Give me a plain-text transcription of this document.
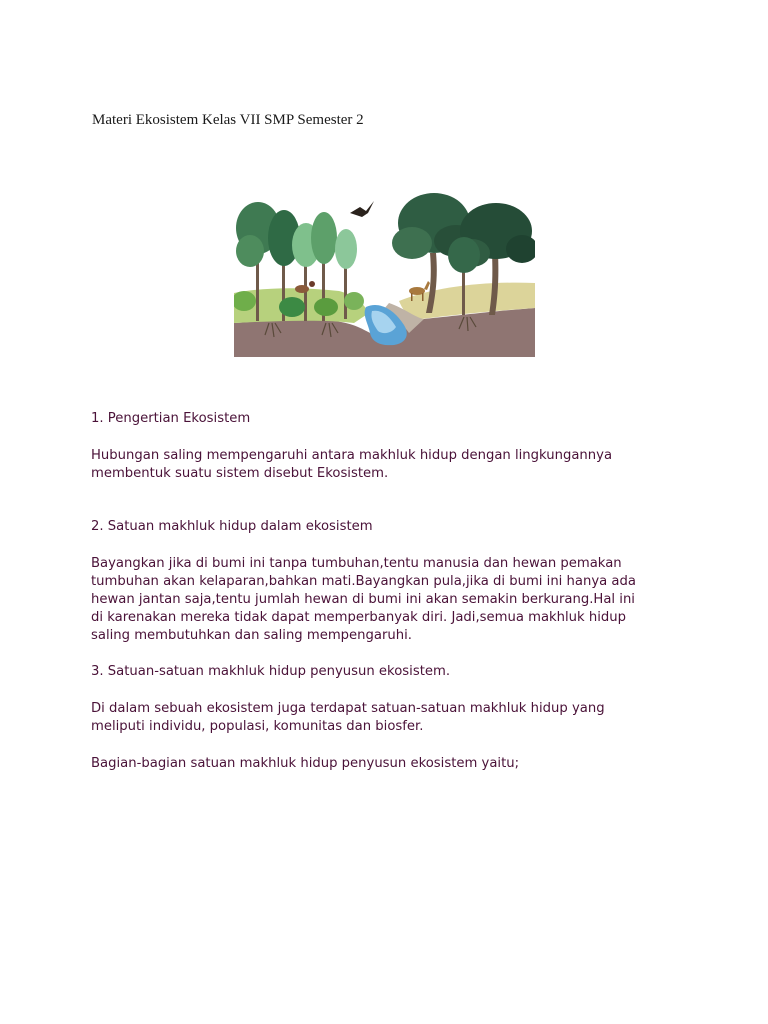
Materi Ekosistem Kelas VII SMP Semester 2
1. Pengertian Ekosistem
Hubungan saling mempengaruhi antara makhluk hidup dengan lingkungannya
membentuk suatu sistem disebut Ekosistem.
2. Satuan makhluk hidup dalam ekosistem
Bayangkan jika di bumi ini tanpa tumbuhan,tentu manusia dan hewan pemakan
tumbuhan akan kelaparan,bahkan mati.Bayangkan pula,jika di bumi ini hanya ada
hewan jantan saja,tentu jumlah hewan di bumi ini akan semakin berkurang.Hal ini
di karenakan mereka tidak dapat memperbanyak diri. Jadi,semua makhluk hidup
saling membutuhkan dan saling mempengaruhi.
3. Satuan-satuan makhluk hidup penyusun ekosistem.
Di dalam sebuah ekosistem juga terdapat satuan-satuan makhluk hidup yang
meliputi individu, populasi, komunitas dan biosfer.
Bagian-bagian satuan makhluk hidup penyusun ekosistem yaitu;
